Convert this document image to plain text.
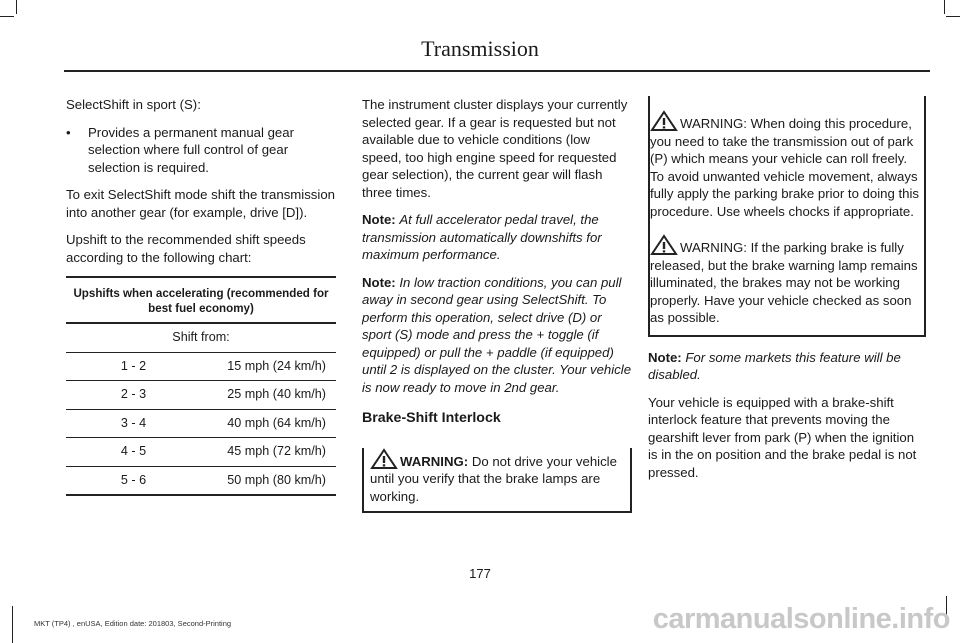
Transmission

SelectShift in sport (S):

•	Provides a permanent manual gear selection where full control of gear selection is required.

To exit SelectShift mode shift the transmission into another gear (for example, drive [D]).

Upshift to the recommended shift speeds according to the following chart:

Upshifts when accelerating (recommended for best fuel economy)	
Shift from:	
1 - 2	15 mph (24 km/h)
2 - 3	25 mph (40 km/h)
3 - 4	40 mph (64 km/h)
4 - 5	45 mph (72 km/h)
5 - 6	50 mph (80 km/h)

The instrument cluster displays your currently selected gear. If a gear is requested but not available due to vehicle conditions (low speed, too high engine speed for requested gear selection), the current gear will flash three times.

Note: At full accelerator pedal travel, the transmission automatically downshifts for maximum performance.

Note: In low traction conditions, you can pull away in second gear using SelectShift. To perform this operation, select drive (D) or sport (S) mode and press the + toggle (if equipped) or pull the + paddle (if equipped) until 2 is displayed on the cluster. Your vehicle is now ready to move in 2nd gear.

Brake-Shift Interlock

WARNING: Do not drive your vehicle until you verify that the brake lamps are working.

WARNING: When doing this procedure, you need to take the transmission out of park (P) which means your vehicle can roll freely. To avoid unwanted vehicle movement, always fully apply the parking brake prior to doing this procedure. Use wheels chocks if appropriate.

WARNING: If the parking brake is fully released, but the brake warning lamp remains illuminated, the brakes may not be working properly. Have your vehicle checked as soon as possible.

Note: For some markets this feature will be disabled.

Your vehicle is equipped with a brake-shift interlock feature that prevents moving the gearshift lever from park (P) when the ignition is in the on position and the brake pedal is not pressed.

177
MKT (TP4) , enUSA, Edition date: 201803, Second-Printing	carmanualsonline.info
